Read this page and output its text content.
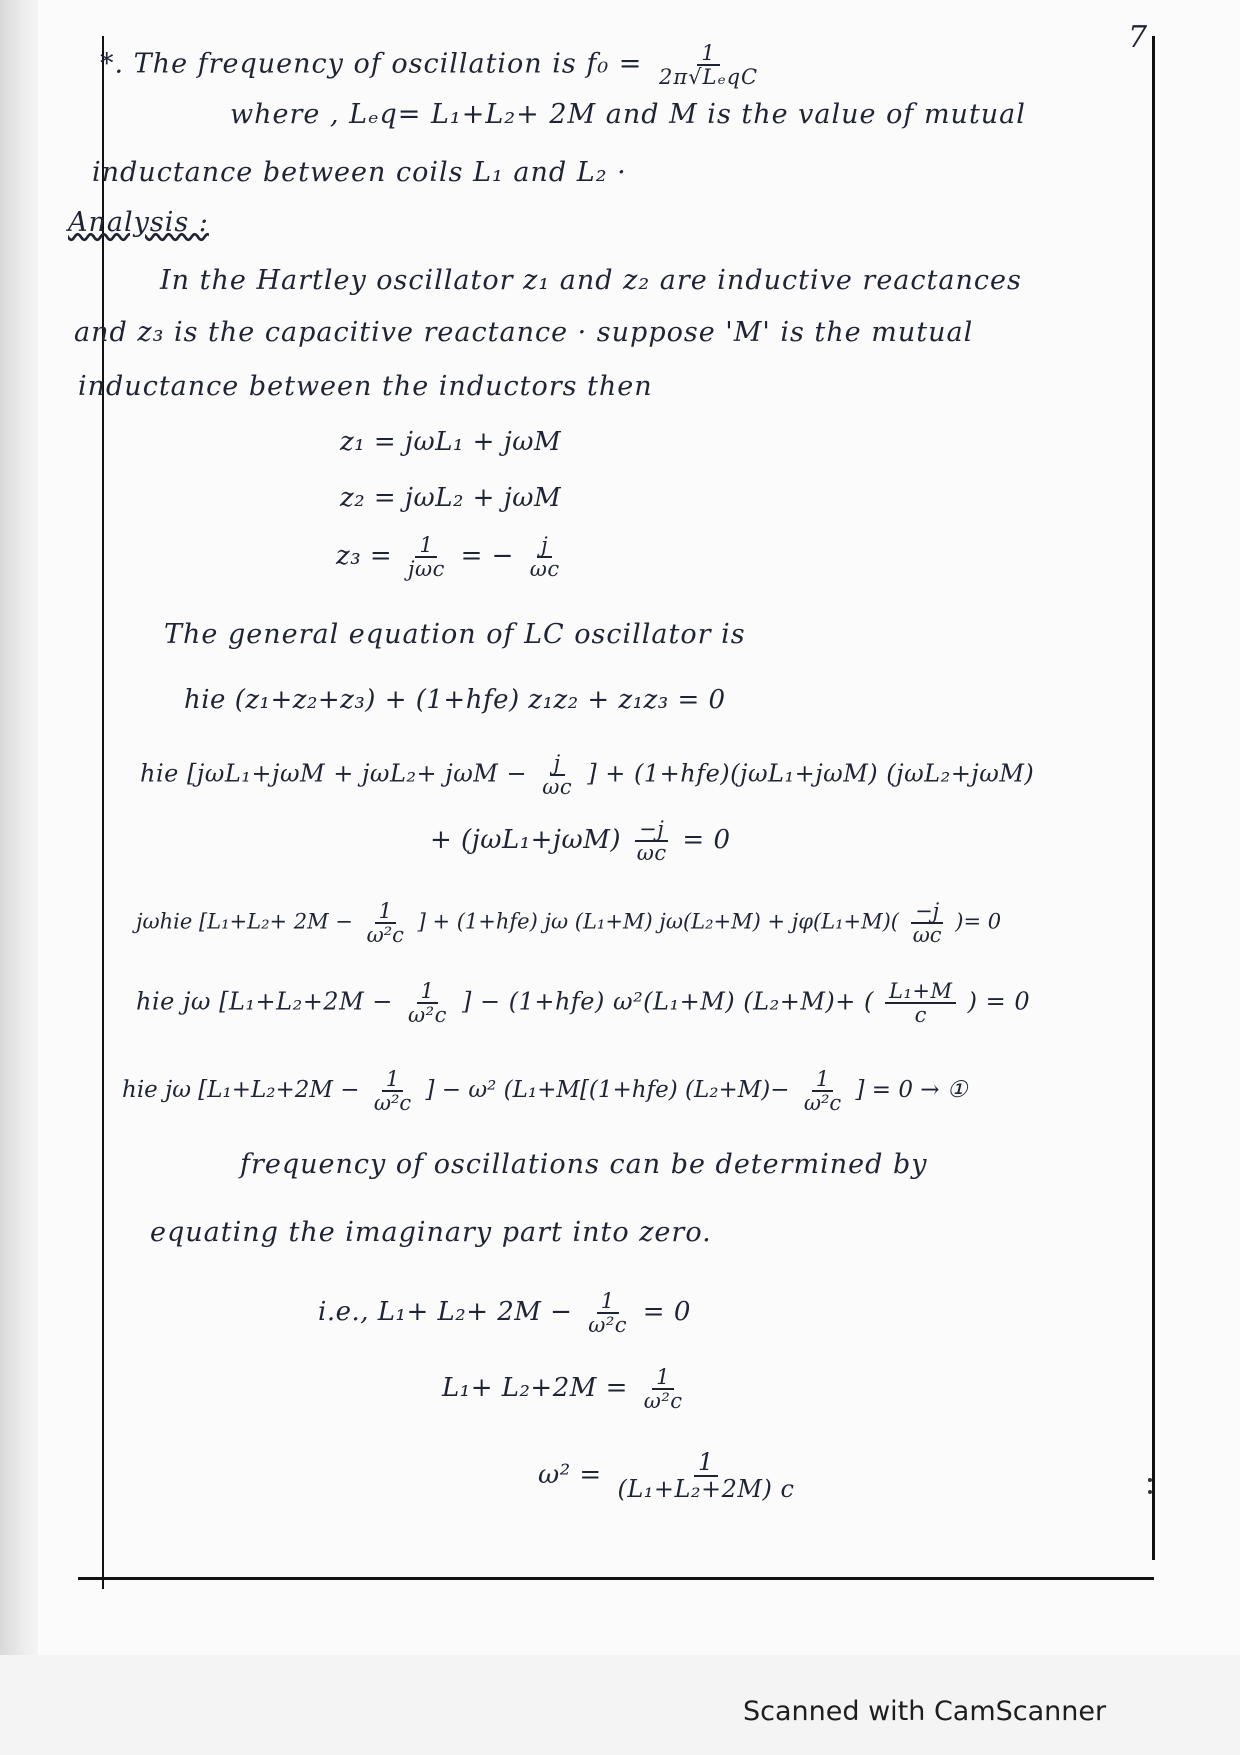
7
*. The frequency of oscillation is $f_0 = \frac{1}{\text{2π√LₑqC}}$
where , Lₑq= L₁+L₂+ 2M and M is the value of mutual
inductance between coils L₁ and L₂ ·
Analysis :
In the Hartley oscillator z₁ and z₂ are inductive reactances
and z₃ is the capacitive reactance · suppose 'M' is the mutual
inductance between the inductors then
z₁ = jωL₁ + jωM
z₂ = jωL₂ + jωM
$z_3 = \frac{1}{\text{jωc}}$ = − $\frac{j}{\omega c}$
The general equation of LC oscillator is
hie (z₁+z₂+z₃) + (1+hfe) z₁z₂ + z₁z₃ = 0
hie [$j\omega L_1+j\omega M + j\omega L_2+ j\omega M - \frac{j}{\omega c}$ ] + (1+hfe)(jωL₁+jωM) (jωL₂+jωM)
+ $(j\omega L_1+j\omega M) \frac{-j}{\omega c} = 0$
jωhie [$L_1+L_2+ 2M - \frac{1}{\text{ω²c}}$ ] + (1+hfe) jω (L₁+M) $j\omega(L_2+M) + j\varphi(L_1+M)( \frac{-j}{\omega c}$ )= 0
hie jω [$L_1+L_2+2M - \frac{1}{\text{ω²c}}$ ] − (1+hfe) ω²(L₁+M) (L₂+M)+ ( $\frac{\text{L₁+M}}{c}$ ) = 0
hie jω [$L_1+L_2+2M - \frac{1}{\text{ω²c}}$ ] − ω² (L₁+M[(1+hfe) $(L_2+M)- \frac{1}{\text{ω²c}}$ ] = 0 → ①
frequency of oscillations can be determined by
equating the imaginary part into zero.
i.e., $L_1+ L_2+ 2M - \frac{1}{\text{ω²c}} = 0$
$L_1+ L_2+2M = \frac{1}{\text{ω²c}}$
$\omega^2 = \frac{1}{\text{(L₁+L₂+2M) c}}$
Scanned with CamScanner
